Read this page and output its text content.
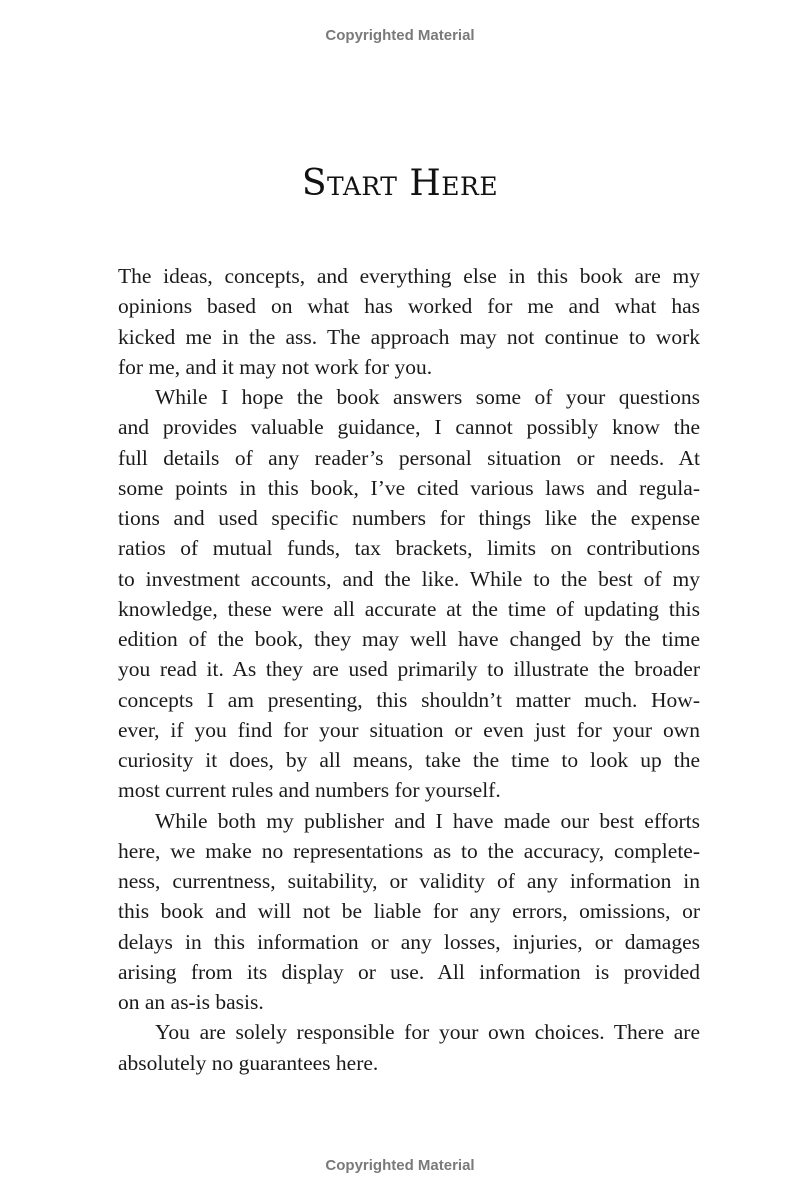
Copyrighted Material
Start Here
The ideas, concepts, and everything else in this book are my
opinions based on what has worked for me and what has
kicked me in the ass. The approach may not continue to work
for me, and it may not work for you.
While I hope the book answers some of your questions
and provides valuable guidance, I cannot possibly know the
full details of any reader’s personal situation or needs. At
some points in this book, I’ve cited various laws and regula-
tions and used specific numbers for things like the expense
ratios of mutual funds, tax brackets, limits on contributions
to investment accounts, and the like. While to the best of my
knowledge, these were all accurate at the time of updating this
edition of the book, they may well have changed by the time
you read it. As they are used primarily to illustrate the broader
concepts I am presenting, this shouldn’t matter much. How-
ever, if you find for your situation or even just for your own
curiosity it does, by all means, take the time to look up the
most current rules and numbers for yourself.
While both my publisher and I have made our best efforts
here, we make no representations as to the accuracy, complete-
ness, currentness, suitability, or validity of any information in
this book and will not be liable for any errors, omissions, or
delays in this information or any losses, injuries, or damages
arising from its display or use. All information is provided
on an as-is basis.
You are solely responsible for your own choices. There are
absolutely no guarantees here.
Copyrighted Material
